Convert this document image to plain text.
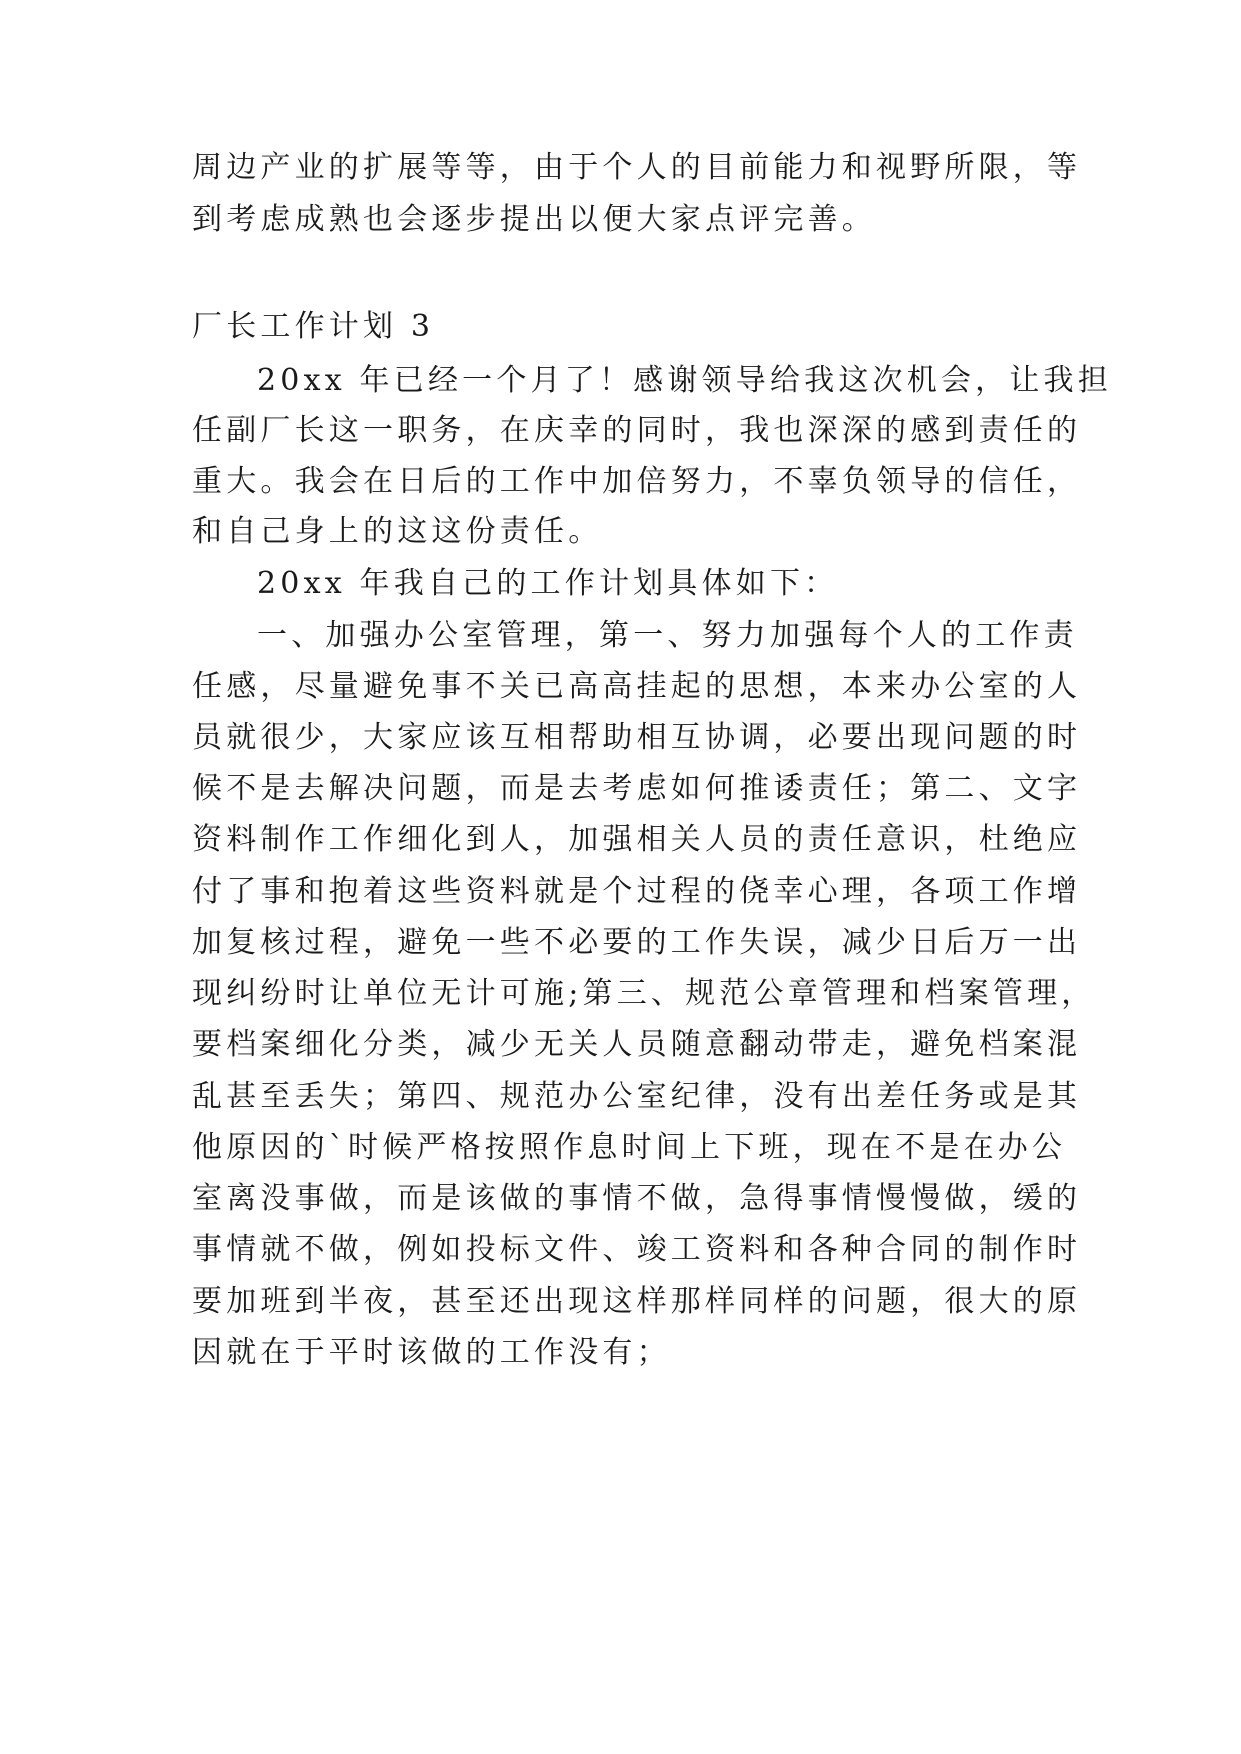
周边产业的扩展等等，由于个人的目前能力和视野所限，等
到考虑成熟也会逐步提出以便大家点评完善。
厂长工作计划 3
20xx 年已经一个月了！感谢领导给我这次机会，让我担
任副厂长这一职务，在庆幸的同时，我也深深的感到责任的
重大。我会在日后的工作中加倍努力，不辜负领导的信任，
和自己身上的这这份责任。
20xx 年我自己的工作计划具体如下：
一、加强办公室管理，第一、努力加强每个人的工作责
任感，尽量避免事不关已高高挂起的思想，本来办公室的人
员就很少，大家应该互相帮助相互协调，必要出现问题的时
候不是去解决问题，而是去考虑如何推诿责任；第二、文字
资料制作工作细化到人，加强相关人员的责任意识，杜绝应
付了事和抱着这些资料就是个过程的侥幸心理，各项工作增
加复核过程，避免一些不必要的工作失误，减少日后万一出
现纠纷时让单位无计可施;第三、规范公章管理和档案管理，
要档案细化分类，减少无关人员随意翻动带走，避免档案混
乱甚至丢失；第四、规范办公室纪律，没有出差任务或是其
他原因的`时候严格按照作息时间上下班，现在不是在办公
室离没事做，而是该做的事情不做，急得事情慢慢做，缓的
事情就不做，例如投标文件、竣工资料和各种合同的制作时
要加班到半夜，甚至还出现这样那样同样的问题，很大的原
因就在于平时该做的工作没有；
